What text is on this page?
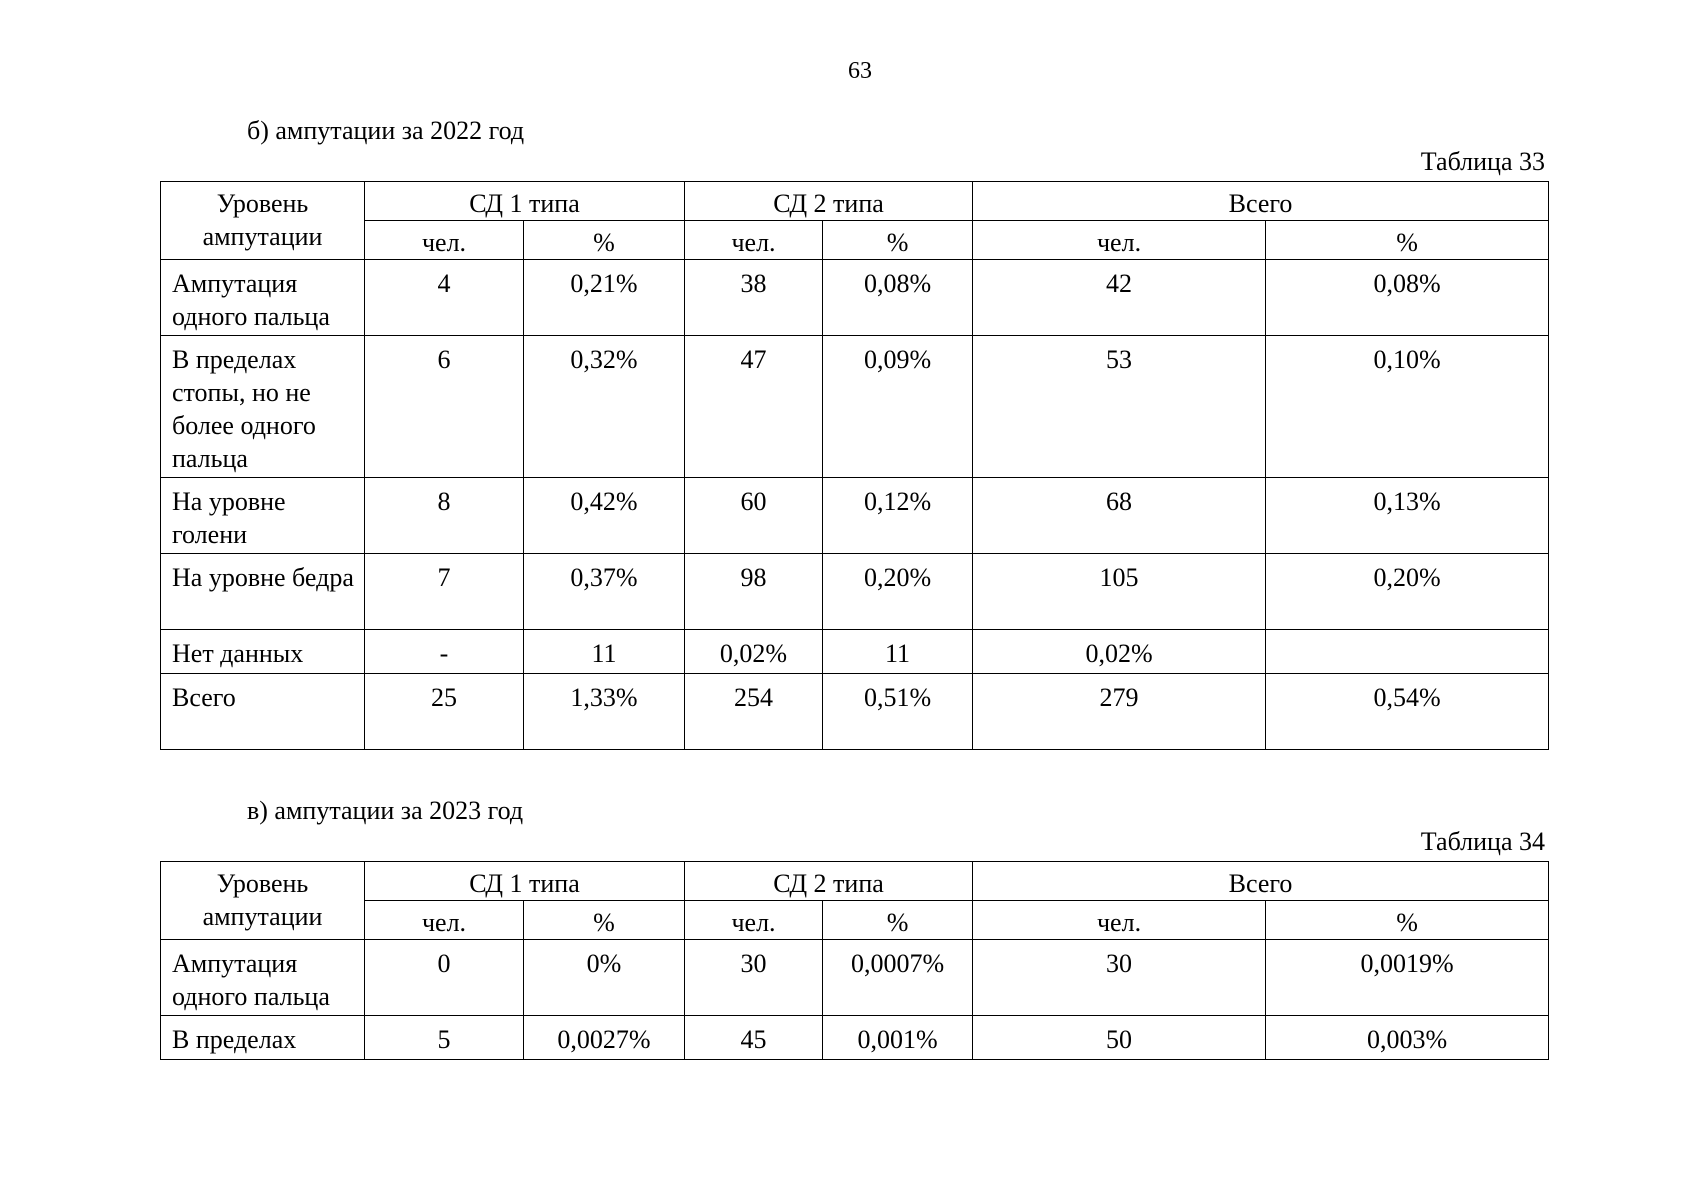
63
б) ампутации за 2022 год
Таблица 33
Уровень ампутации	СД 1 типа		СД 2 типа		Всего	
	чел.	%	чел.	%	чел.	%
Ампутация одного пальца	4	0,21%	38	0,08%	42	0,08%
В пределах стопы, но не более одного пальца	6	0,32%	47	0,09%	53	0,10%
На уровне голени	8	0,42%	60	0,12%	68	0,13%
На уровне бедра	7	0,37%	98	0,20%	105	0,20%
Нет данных	-	11	0,02%	11	0,02%	
Всего	25	1,33%	254	0,51%	279	0,54%
в) ампутации за 2023 год
Таблица 34
Уровень ампутации	СД 1 типа		СД 2 типа		Всего	
	чел.	%	чел.	%	чел.	%
Ампутация одного пальца	0	0%	30	0,0007%	30	0,0019%
В пределах	5	0,0027%	45	0,001%	50	0,003%
